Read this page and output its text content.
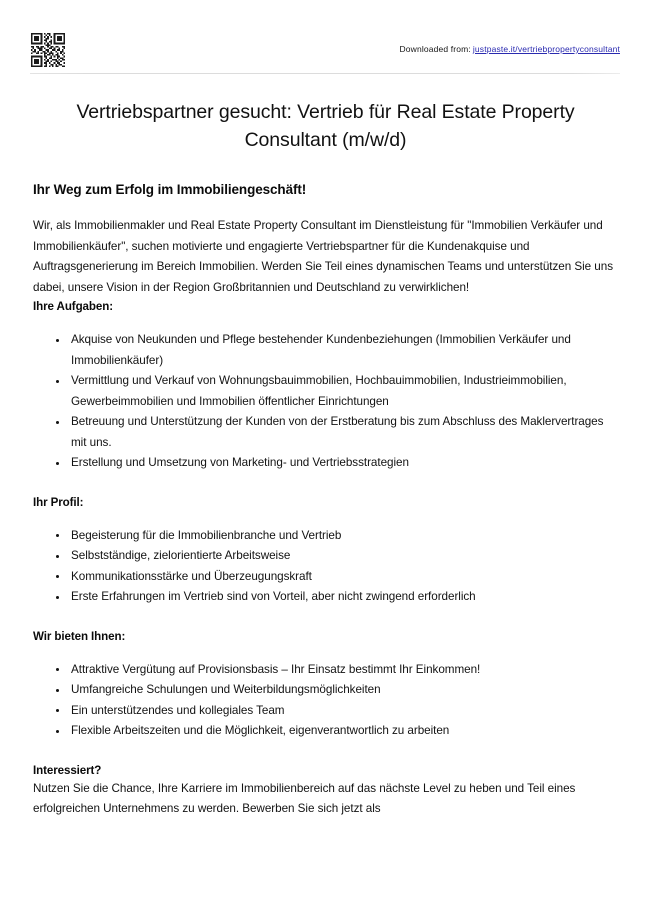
Downloaded from: justpaste.it/vertriebpropertyconsultant
Vertriebspartner gesucht: Vertrieb für Real Estate Property Consultant (m/w/d)
Ihr Weg zum Erfolg im Immobiliengeschäft!

Wir, als Immobilienmakler und Real Estate Property Consultant im Dienstleistung für "Immobilien Verkäufer und Immobilienkäufer", suchen motivierte und engagierte Vertriebspartner für die Kundenakquise und Auftragsgenerierung im Bereich Immobilien. Werden Sie Teil eines dynamischen Teams und unterstützen Sie uns dabei, unsere Vision in der Region Großbritannien und Deutschland zu verwirklichen!

Ihre Aufgaben:
Akquise von Neukunden und Pflege bestehender Kundenbeziehungen (Immobilien Verkäufer und Immobilienkäufer)
Vermittlung und Verkauf von Wohnungsbauimmobilien, Hochbauimmobilien, Industrieimmobilien, Gewerbeimmobilien und Immobilien öffentlicher Einrichtungen
Betreuung und Unterstützung der Kunden von der Erstberatung bis zum Abschluss des Maklervertrages mit uns.
Erstellung und Umsetzung von Marketing- und Vertriebsstrategien
Ihr Profil:
Begeisterung für die Immobilienbranche und Vertrieb
Selbstständige, zielorientierte Arbeitsweise
Kommunikationsstärke und Überzeugungskraft
Erste Erfahrungen im Vertrieb sind von Vorteil, aber nicht zwingend erforderlich
Wir bieten Ihnen:
Attraktive Vergütung auf Provisionsbasis – Ihr Einsatz bestimmt Ihr Einkommen!
Umfangreiche Schulungen und Weiterbildungsmöglichkeiten
Ein unterstützendes und kollegiales Team
Flexible Arbeitszeiten und die Möglichkeit, eigenverantwortlich zu arbeiten
Interessiert?

Nutzen Sie die Chance, Ihre Karriere im Immobilienbereich auf das nächste Level zu heben und Teil eines erfolgreichen Unternehmens zu werden. Bewerben Sie sich jetzt als
